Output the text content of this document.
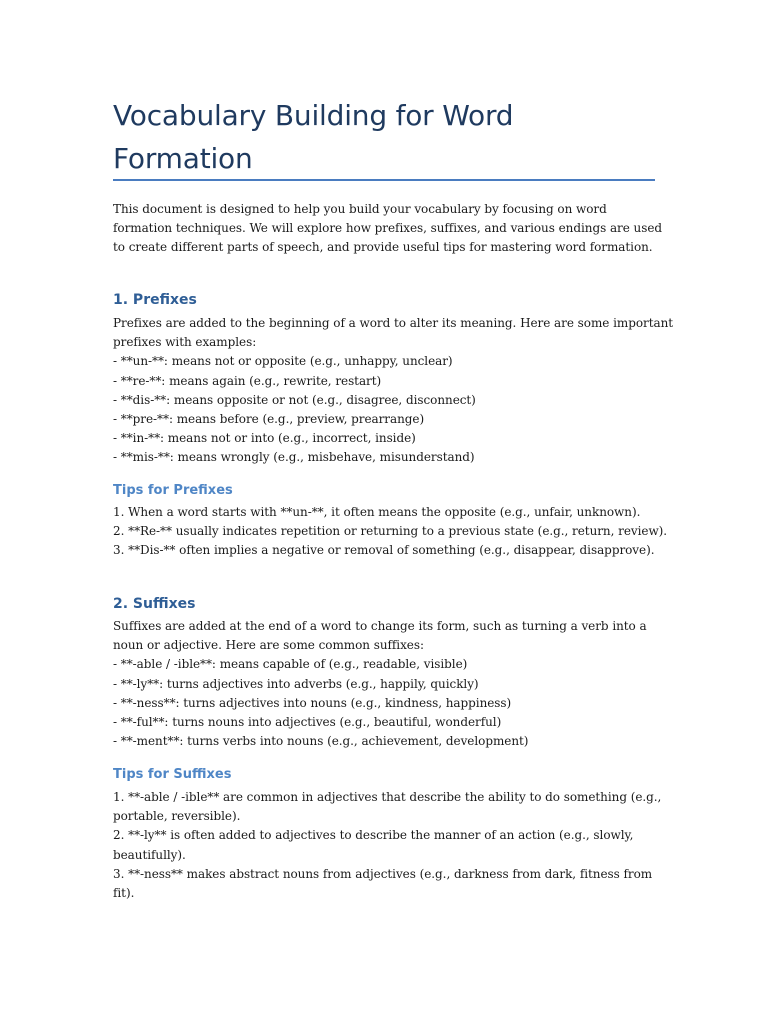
Vocabulary Building for Word Formation

This document is designed to help you build your vocabulary by focusing on word

formation techniques. We will explore how prefixes, suffixes, and various endings are used

to create different parts of speech, and provide useful tips for mastering word formation.

1. Prefixes

Prefixes are added to the beginning of a word to alter its meaning. Here are some important

prefixes with examples:

- **un-**: means not or opposite (e.g., unhappy, unclear)

- **re-**: means again (e.g., rewrite, restart)

- **dis-**: means opposite or not (e.g., disagree, disconnect)

- **pre-**: means before (e.g., preview, prearrange)

- **in-**: means not or into (e.g., incorrect, inside)

- **mis-**: means wrongly (e.g., misbehave, misunderstand)

Tips for Prefixes

1. When a word starts with **un-**, it often means the opposite (e.g., unfair, unknown).

2. **Re-** usually indicates repetition or returning to a previous state (e.g., return, review).

3. **Dis-** often implies a negative or removal of something (e.g., disappear, disapprove).

2. Suffixes

Suffixes are added at the end of a word to change its form, such as turning a verb into a

noun or adjective. Here are some common suffixes:

- **-able / -ible**: means capable of (e.g., readable, visible)

- **-ly**: turns adjectives into adverbs (e.g., happily, quickly)

- **-ness**: turns adjectives into nouns (e.g., kindness, happiness)

- **-ful**: turns nouns into adjectives (e.g., beautiful, wonderful)

- **-ment**: turns verbs into nouns (e.g., achievement, development)

Tips for Suffixes

1. **-able / -ible** are common in adjectives that describe the ability to do something (e.g.,

portable, reversible).

2. **-ly** is often added to adjectives to describe the manner of an action (e.g., slowly,

beautifully).

3. **-ness** makes abstract nouns from adjectives (e.g., darkness from dark, fitness from

fit).
